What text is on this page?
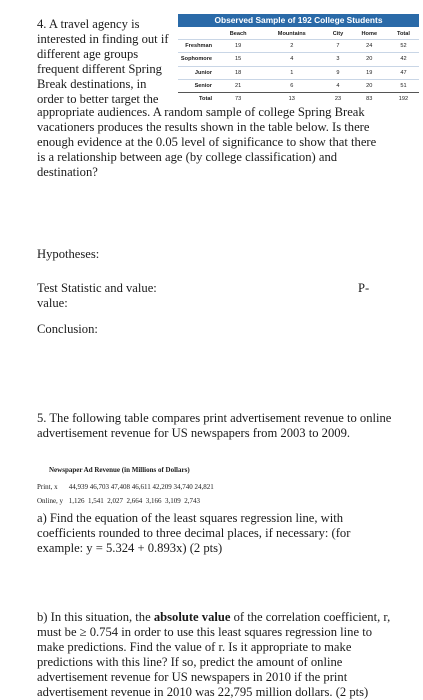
4. A travel agency is
interested in finding out if
different age groups
frequent different Spring
Break destinations, in
order to better target the
Observed Sample of 192 College Students
	Beach	Mountains	City	Home	Total
Freshman	19	2	7	24	52
Sophomore	15	4	3	20	42
Junior	18	1	9	19	47
Senior	21	6	4	20	51
Total	73	13	23	83	192
appropriate audiences. A random sample of college Spring Break vacationers produces the results shown in the table below. Is there enough evidence at the 0.05 level of significance to show that there is a relationship between age (by college classification) and destination?
Hypotheses:
Test Statistic and value:	P-
value:
Conclusion:
5. The following table compares print advertisement revenue to online advertisement revenue for US newspapers from 2003 to 2009.
Newspaper Ad Revenue (in Millions of Dollars)
Print, x 44,939 46,703 47,408 46,611 42,209 34,740 24,821
Online, y 1,126  1,541  2,027  2,664  3,166  3,109  2,743
a) Find the equation of the least squares regression line, with coefficients rounded to three decimal places, if necessary: (for example: y = 5.324 + 0.893x) (2 pts)
b) In this situation, the absolute value of the correlation coefficient, r, must be ≥ 0.754 in order to use this least squares regression line to make predictions. Find the value of r. Is it appropriate to make predictions with this line? If so, predict the amount of online advertisement revenue for US newspapers in 2010 if the print advertisement revenue in 2010 was 22,795 million dollars. (2 pts)
